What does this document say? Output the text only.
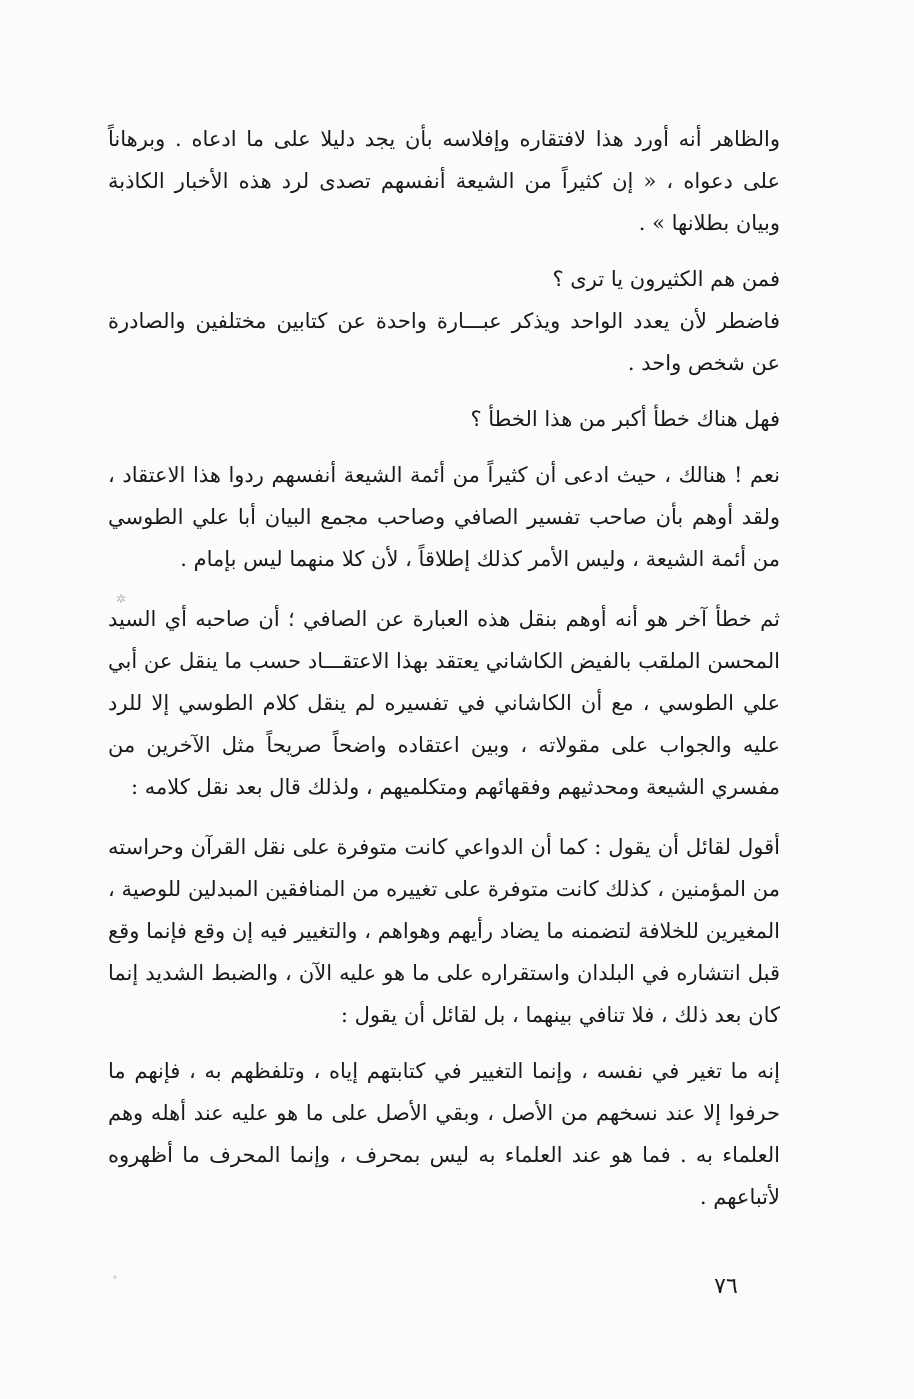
والظاهر أنه أورد هذا لافتقاره وإفلاسه بأن يجد دليلا على ما ادعاه . وبرهاناً على دعواه ، « إن كثيراً من الشيعة أنفسهم تصدى لرد هذه الأخبار الكاذبة وبيان بطلانها » .

فمن هم الكثيرون يا ترى ؟

فاضطر لأن يعدد الواحد ويذكر عبـــارة واحدة عن كتابين مختلفين والصادرة عن شخص واحد .

فهل هناك خطأ أكبر من هذا الخطأ ؟

نعم ! هنالك ، حيث ادعى أن كثيراً من أئمة الشيعة أنفسهم ردوا هذا الاعتقاد ، ولقد أوهم بأن صاحب تفسير الصافي وصاحب مجمع البيان أبا علي الطوسي من أئمة الشيعة ، وليس الأمر كذلك إطلاقاً ، لأن كلا منهما ليس بإمام .

ثم خطأ آخر هو أنه أوهم بنقل هذه العبارة عن الصافي ؛ أن صاحبه أي السيد المحسن الملقب بالفيض الكاشاني يعتقد بهذا الاعتقـــاد حسب ما ينقل عن أبي علي الطوسي ، مع أن الكاشاني في تفسيره لم ينقل كلام الطوسي إلا للرد عليه والجواب على مقولاته ، وبين اعتقاده واضحاً صريحاً مثل الآخرين من مفسري الشيعة ومحدثيهم وفقهائهم ومتكلميهم ، ولذلك قال بعد نقل كلامه :

أقول لقائل أن يقول : كما أن الدواعي كانت متوفرة على نقل القرآن وحراسته من المؤمنين ، كذلك كانت متوفرة على تغييره من المنافقين المبدلين للوصية ، المغيرين للخلافة لتضمنه ما يضاد رأيهم وهواهم ، والتغيير فيه إن وقع فإنما وقع قبل انتشاره في البلدان واستقراره على ما هو عليه الآن ، والضبط الشديد إنما كان بعد ذلك ، فلا تنافي بينهما ، بل لقائل أن يقول :

إنه ما تغير في نفسه ، وإنما التغيير في كتابتهم إياه ، وتلفظهم به ، فإنهم ما حرفوا إلا عند نسخهم من الأصل ، وبقي الأصل على ما هو عليه عند أهله وهم العلماء به . فما هو عند العلماء به ليس بمحرف ، وإنما المحرف ما أظهروه لأتباعهم .

٧٦
✲
∘
